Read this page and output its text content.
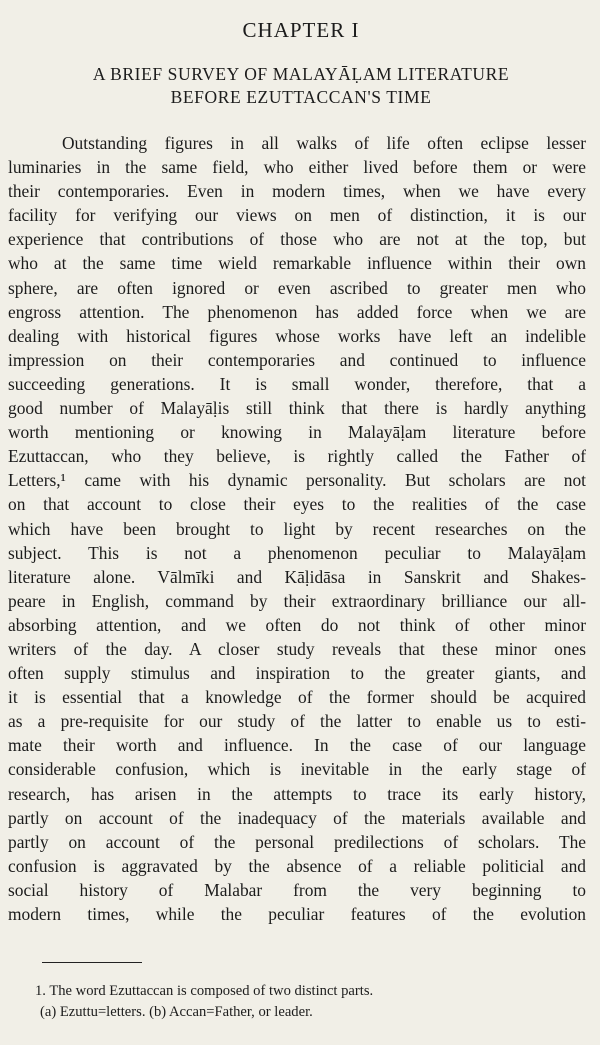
CHAPTER I
A BRIEF SURVEY OF MALAYĀḶAM LITERATURE
BEFORE EZUTTACCAN'S TIME
Outstanding figures in all walks of life often eclipse lesser
luminaries in the same field, who either lived before them or were
their contemporaries. Even in modern times, when we have every
facility for verifying our views on men of distinction, it is our
experience that contributions of those who are not at the top, but
who at the same time wield remarkable influence within their own
sphere, are often ignored or even ascribed to greater men who
engross attention. The phenomenon has added force when we are
dealing with historical figures whose works have left an indelible
impression on their contemporaries and continued to influence
succeeding generations. It is small wonder, therefore, that a
good number of Malayāḷis still think that there is hardly anything
worth mentioning or knowing in Malayāḷam literature before
Ezuttaccan, who they believe, is rightly called the Father of
Letters,¹ came with his dynamic personality. But scholars are not
on that account to close their eyes to the realities of the case
which have been brought to light by recent researches on the
subject. This is not a phenomenon peculiar to Malayāḷam
literature alone. Vālmīki and Kāḷidāsa in Sanskrit and Shakes-
peare in English, command by their extraordinary brilliance our all-
absorbing attention, and we often do not think of other minor
writers of the day. A closer study reveals that these minor ones
often supply stimulus and inspiration to the greater giants, and
it is essential that a knowledge of the former should be acquired
as a pre-requisite for our study of the latter to enable us to esti-
mate their worth and influence. In the case of our language
considerable confusion, which is inevitable in the early stage of
research, has arisen in the attempts to trace its early history,
partly on account of the inadequacy of the materials available and
partly on account of the personal predilections of scholars. The
confusion is aggravated by the absence of a reliable politicial and
social history of Malabar from the very beginning to
modern times, while the peculiar features of the evolution
1. The word Ezuttaccan is composed of two distinct parts.
(a) Ezuttu=letters. (b) Accan=Father, or leader.
